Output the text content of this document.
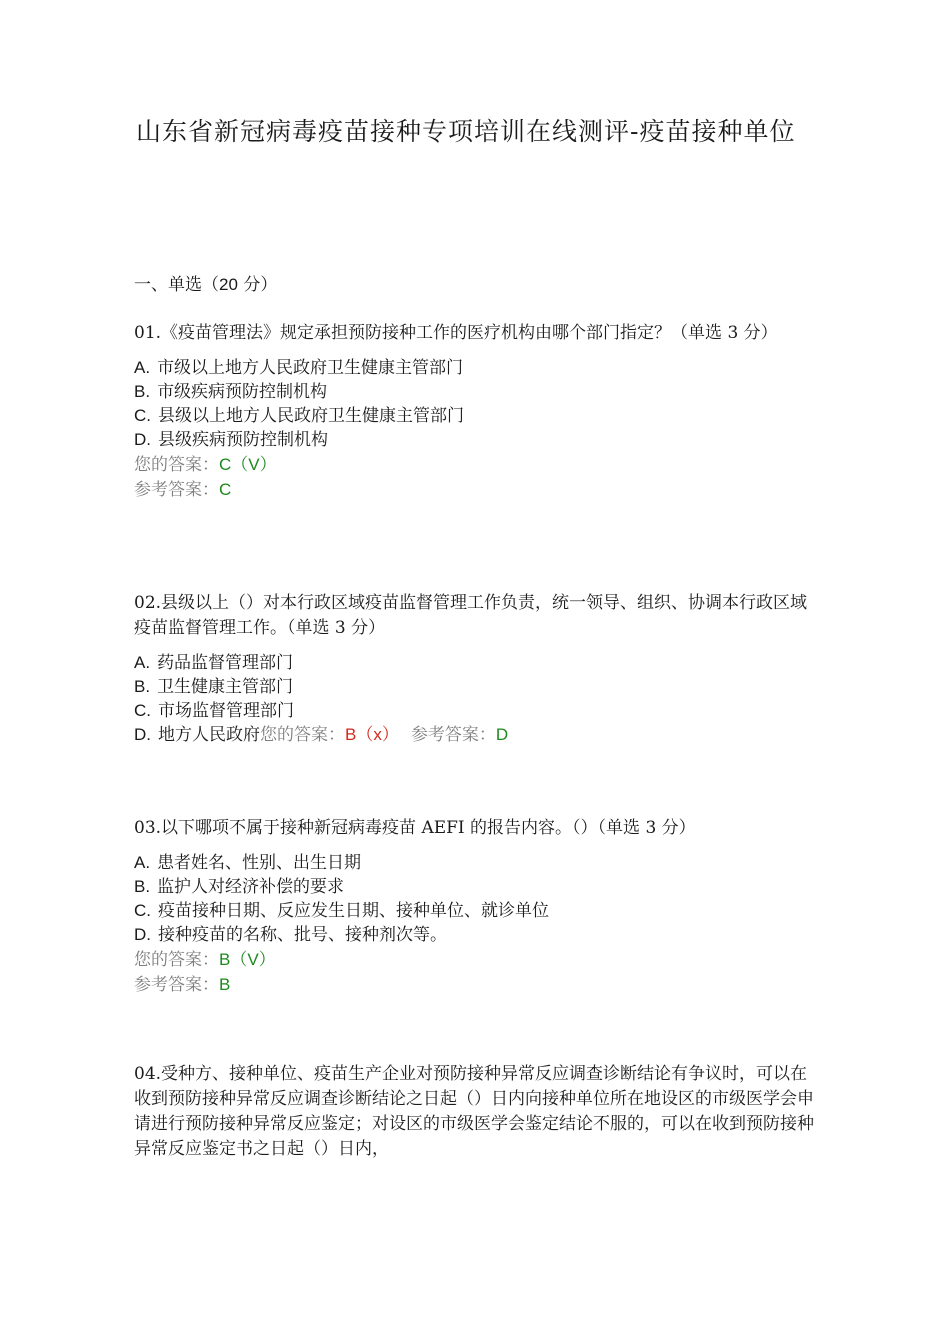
山东省新冠病毒疫苗接种专项培训在线测评-疫苗接种单位
一、单选（20 分）

01.《疫苗管理法》规定承担预防接种工作的医疗机构由哪个部门指定？（单选 3 分）

A. 市级以上地方人民政府卫生健康主管部门
B. 市级疾病预防控制机构
C. 县级以上地方人民政府卫生健康主管部门
D. 县级疾病预防控制机构
您的答案：C（V）
参考答案：C

02.县级以上（）对本行政区域疫苗监督管理工作负责，统一领导、组织、协调本行政区域疫苗监督管理工作。（单选 3 分）

A. 药品监督管理部门
B. 卫生健康主管部门
C. 市场监督管理部门
D. 地方人民政府您的答案：B（x） 参考答案：D

03.以下哪项不属于接种新冠病毒疫苗 AEFI 的报告内容。（）（单选 3 分）

A. 患者姓名、性别、出生日期
B. 监护人对经济补偿的要求
C. 疫苗接种日期、反应发生日期、接种单位、就诊单位
D. 接种疫苗的名称、批号、接种剂次等。
您的答案：B（V）
参考答案：B

04.受种方、接种单位、疫苗生产企业对预防接种异常反应调查诊断结论有争议时，可以在收到预防接种异常反应调查诊断结论之日起（）日内向接种单位所在地设区的市级医学会申请进行预防接种异常反应鉴定；对设区的市级医学会鉴定结论不服的，可以在收到预防接种异常反应鉴定书之日起（）日内，
